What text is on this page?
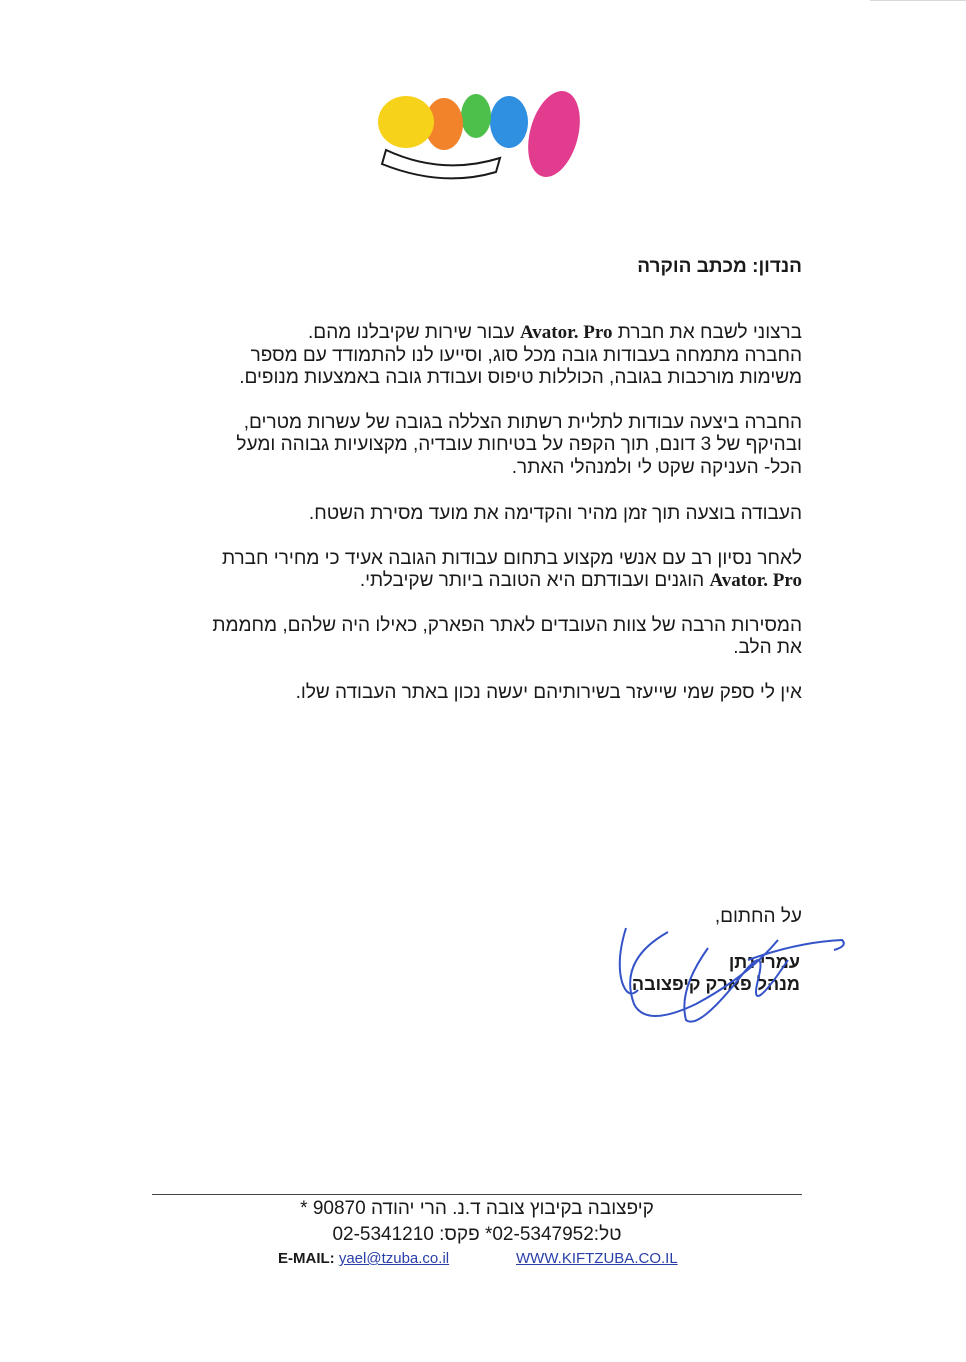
הנדון: מכתב הוקרה
ברצוני לשבח את חברת Avator. Pro עבור שירות שקיבלנו מהם.
החברה מתמחה בעבודות גובה מכל סוג, וסייעו לנו להתמודד עם מספר
משימות מורכבות בגובה, הכוללות טיפוס ועבודת גובה באמצעות מנופים.
החברה ביצעה עבודות לתליית רשתות הצללה בגובה של עשרות מטרים,
ובהיקף של 3 דונם, תוך הקפה על בטיחות עובדיה, מקצועיות גבוהה ומעל
הכל- העניקה שקט לי ולמנהלי האתר.
העבודה בוצעה תוך זמן מהיר והקדימה את מועד מסירת השטח.
לאחר נסיון רב עם אנשי מקצוע בתחום עבודות הגובה אעיד כי מחירי חברת
Avator. Pro הוגנים ועבודתם היא הטובה ביותר שקיבלתי.
המסירות הרבה של צוות העובדים לאתר הפארק, כאילו היה שלהם, מחממת
את הלב.
אין לי ספק שמי שייעזר בשירותיהם יעשה נכון באתר העבודה שלו.
על החתום,
עמרי נתן
מנהל פארק קיפצובה
קיפצובה בקיבוץ צובה ד.נ. הרי יהודה 90870 *
טל:02-5347952* פקס: 02-5341210
E-MAIL: yael@tzuba.co.il	WWW.KIFTZUBA.CO.IL
